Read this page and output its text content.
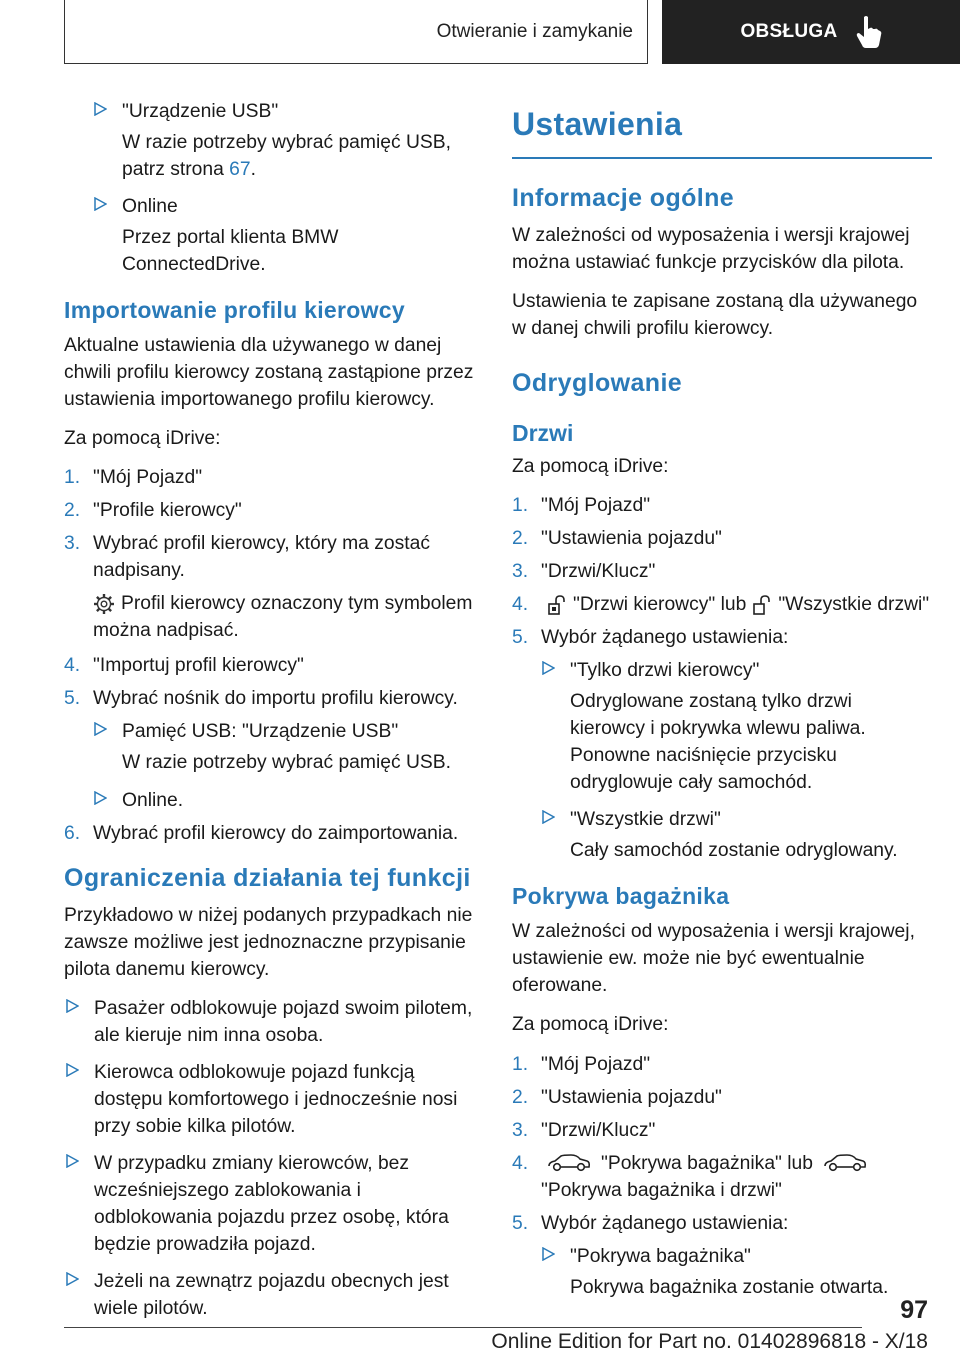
Otwieranie i zamykanie	OBSŁUGA
"Urządzenie USB"
W razie potrzeby wybrać pamięć USB, patrz strona 67.
Online
Przez portal klienta BMW ConnectedDrive.
Importowanie profilu kierowcy

Aktualne ustawienia dla używanego w danej chwili profilu kierowcy zostaną zastąpione przez ustawienia importowanego profilu kierowcy.

Za pomocą iDrive:

1. "Mój Pojazd"
2. "Profile kierowcy"
3. Wybrać profil kierowcy, który ma zostać nadpisany.
Profil kierowcy oznaczony tym symbolem można nadpisać.
4. "Importuj profil kierowcy"
5. Wybrać nośnik do importu profilu kierowcy.
Pamięć USB: "Urządzenie USB"
W razie potrzeby wybrać pamięć USB.
Online.
6. Wybrać profil kierowcy do zaimportowania.
Ograniczenia działania tej funkcji

Przykładowo w niżej podanych przypadkach nie zawsze możliwe jest jednoznaczne przypisanie pilota danemu kierowcy.

Pasażer odblokowuje pojazd swoim pilotem, ale kieruje nim inna osoba.
Kierowca odblokowuje pojazd funkcją dostępu komfortowego i jednocześnie nosi przy sobie kilka pilotów.
W przypadku zmiany kierowców, bez wcześniejszego zablokowania i odblokowania pojazdu przez osobę, która będzie prowadziła pojazd.
Jeżeli na zewnątrz pojazdu obecnych jest wiele pilotów.
Ustawienia
Informacje ogólne

W zależności od wyposażenia i wersji krajowej można ustawiać funkcje przycisków dla pilota.

Ustawienia te zapisane zostaną dla używanego w danej chwili profilu kierowcy.

Odryglowanie
Drzwi

Za pomocą iDrive:

1. "Mój Pojazd"
2. "Ustawienia pojazdu"
3. "Drzwi/Klucz"
4. "Drzwi kierowcy" lub "Wszystkie drzwi"
5. Wybór żądanego ustawienia:
"Tylko drzwi kierowcy"
Odryglowane zostaną tylko drzwi kierowcy i pokrywka wlewu paliwa. Ponowne naciśnięcie przycisku odryglowuje cały samochód.
"Wszystkie drzwi"
Cały samochód zostanie odryglowany.
Pokrywa bagażnika

W zależności od wyposażenia i wersji krajowej, ustawienie ew. może nie być ewentualnie oferowane.

Za pomocą iDrive:

1. "Mój Pojazd"
2. "Ustawienia pojazdu"
3. "Drzwi/Klucz"
4.	"Pokrywa bagażnika" lub
"Pokrywa bagażnika i drzwi"
5. Wybór żądanego ustawienia:
"Pokrywa bagażnika"
Pokrywa bagażnika zostanie otwarta.
97
Online Edition for Part no. 01402896818 - X/18
